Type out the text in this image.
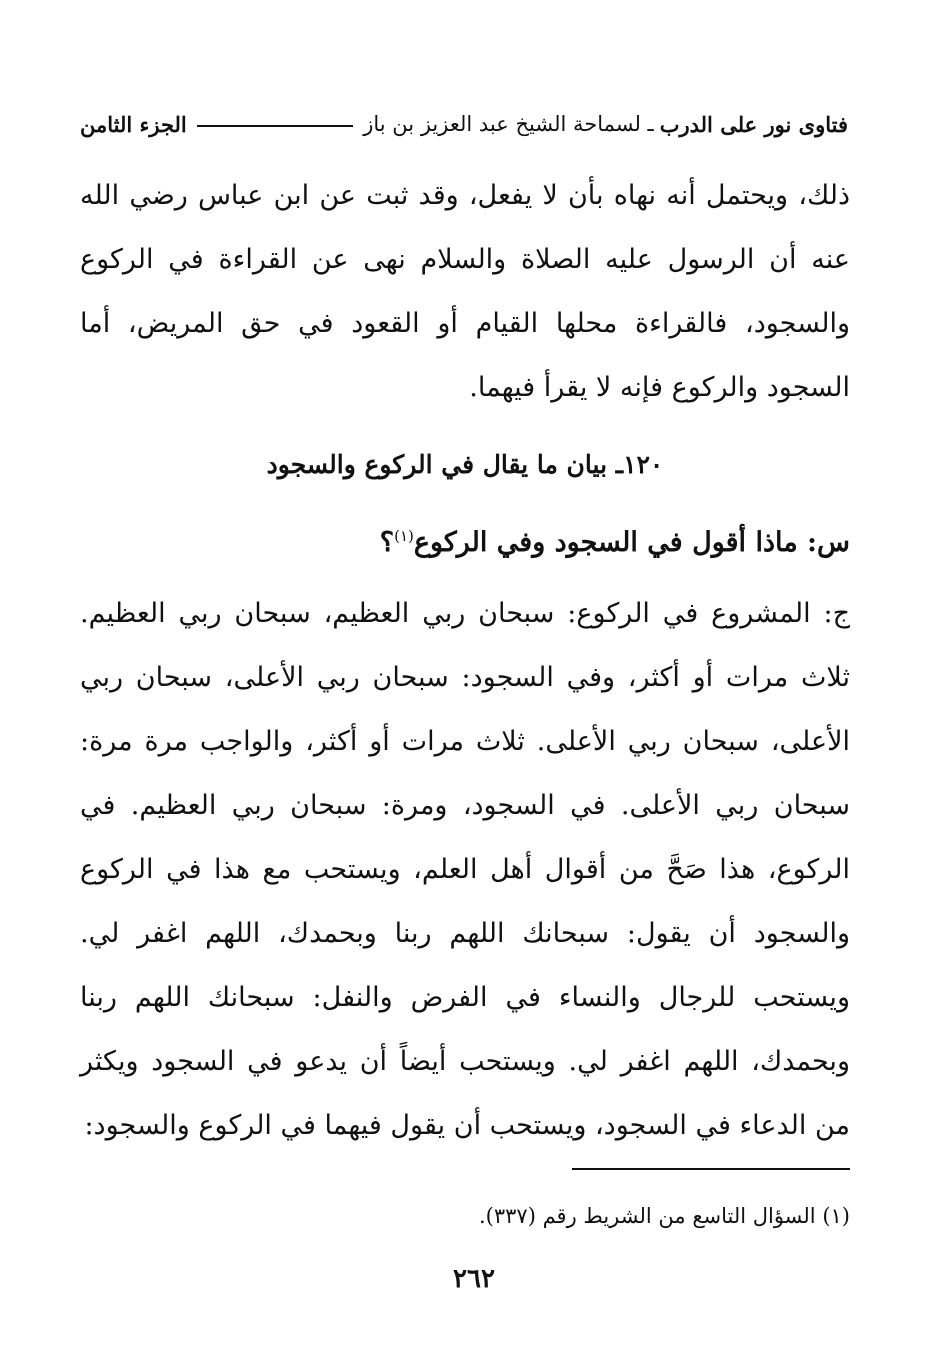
فتاوى نور على الدرب
ـ لسماحة الشيخ عبد العزيز بن باز
الجزء الثامن
ذلك، ويحتمل أنه نهاه بأن لا يفعل، وقد ثبت عن ابن عباس رضي الله عنه أن الرسول عليه الصلاة والسلام نهى عن القراءة في الركوع والسجود، فالقراءة محلها القيام أو القعود في حق المريض، أما السجود والركوع فإنه لا يقرأ فيهما.
١٢٠ـ بيان ما يقال في الركوع والسجود
س: ماذا أقول في السجود وفي الركوع$^{(١)}$؟
ج: المشروع في الركوع: سبحان ربي العظيم، سبحان ربي العظيم. ثلاث مرات أو أكثر، وفي السجود: سبحان ربي الأعلى، سبحان ربي الأعلى، سبحان ربي الأعلى. ثلاث مرات أو أكثر، والواجب مرة مرة: سبحان ربي الأعلى. في السجود، ومرة: سبحان ربي العظيم. في الركوع، هذا صَحَّ من أقوال أهل العلم، ويستحب مع هذا في الركوع والسجود أن يقول: سبحانك اللهم ربنا وبحمدك، اللهم اغفر لي. ويستحب للرجال والنساء في الفرض والنفل: سبحانك اللهم ربنا وبحمدك، اللهم اغفر لي. ويستحب أيضاً أن يدعو في السجود ويكثر من الدعاء في السجود، ويستحب أن يقول فيهما في الركوع والسجود:
(١) السؤال التاسع من الشريط رقم (٣٣٧).
٢٦٢
